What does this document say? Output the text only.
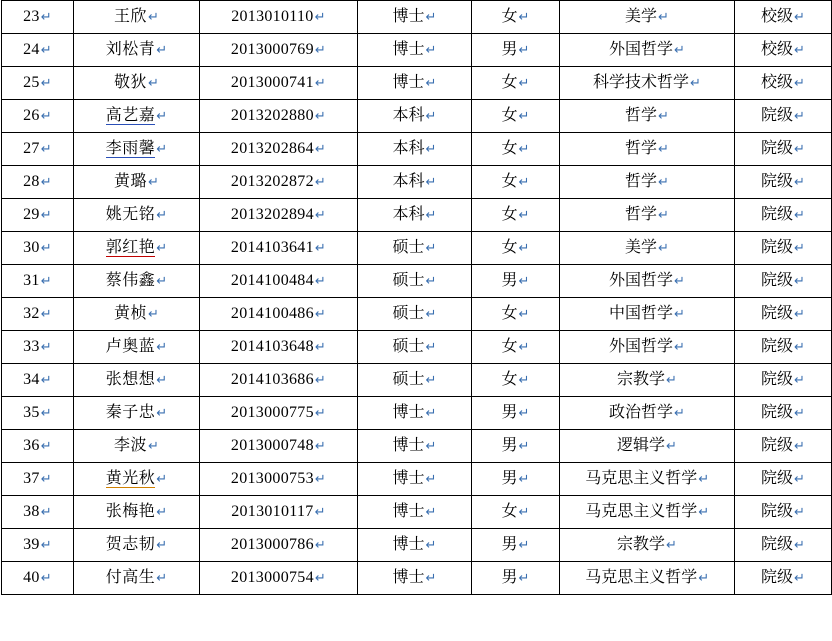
23↵	王欣↵	2013010110↵	博士↵	女↵	美学↵	校级↵
24↵	刘松青↵	2013000769↵	博士↵	男↵	外国哲学↵	校级↵
25↵	敬狄↵	2013000741↵	博士↵	女↵	科学技术哲学↵	校级↵
26↵	高艺嘉↵	2013202880↵	本科↵	女↵	哲学↵	院级↵
27↵	李雨馨↵	2013202864↵	本科↵	女↵	哲学↵	院级↵
28↵	黄璐↵	2013202872↵	本科↵	女↵	哲学↵	院级↵
29↵	姚无铭↵	2013202894↵	本科↵	女↵	哲学↵	院级↵
30↵	郭红艳↵	2014103641↵	硕士↵	女↵	美学↵	院级↵
31↵	蔡伟鑫↵	2014100484↵	硕士↵	男↵	外国哲学↵	院级↵
32↵	黄桢↵	2014100486↵	硕士↵	女↵	中国哲学↵	院级↵
33↵	卢奥蓝↵	2014103648↵	硕士↵	女↵	外国哲学↵	院级↵
34↵	张想想↵	2014103686↵	硕士↵	女↵	宗教学↵	院级↵
35↵	秦子忠↵	2013000775↵	博士↵	男↵	政治哲学↵	院级↵
36↵	李波↵	2013000748↵	博士↵	男↵	逻辑学↵	院级↵
37↵	黄光秋↵	2013000753↵	博士↵	男↵	马克思主义哲学↵	院级↵
38↵	张梅艳↵	2013010117↵	博士↵	女↵	马克思主义哲学↵	院级↵
39↵	贺志韧↵	2013000786↵	博士↵	男↵	宗教学↵	院级↵
40↵	付高生↵	2013000754↵	博士↵	男↵	马克思主义哲学↵	院级↵
